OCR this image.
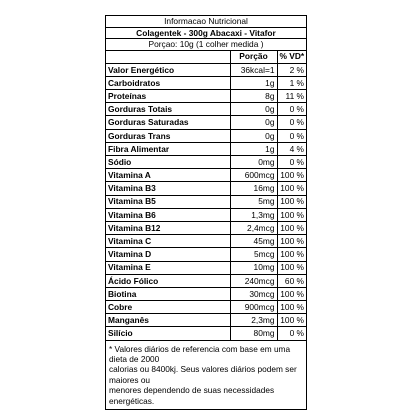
Informacao Nutricional
Colagentek - 300g Abacaxi - Vitafor
Porçao: 10g (1 colher medida )
	Porção	% VD*
Valor Energético	36kcal=1	2 %
Carboidratos	1g	1 %
Proteínas	8g	11 %
Gorduras Totais	0g	0 %
Gorduras Saturadas	0g	0 %
Gorduras Trans	0g	0 %
Fibra Alimentar	1g	4 %
Sódio	0mg	0 %
Vitamina A	600mcg	100 %
Vitamina B3	16mg	100 %
Vitamina B5	5mg	100 %
Vitamina B6	1,3mg	100 %
Vitamina B12	2,4mcg	100 %
Vitamina C	45mg	100 %
Vitamina D	5mcg	100 %
Vitamina E	10mg	100 %
Ácido Fólico	240mcg	60 %
Biotina	30mcg	100 %
Cobre	900mcg	100 %
Manganês	2,3mg	100 %
Silício	80mg	0 %
* Valores diários de referencia com base em uma dieta de 2000
calorias ou 8400kj. Seus valores diários podem ser maiores ou
menores dependendo de suas necessidades energéticas.
